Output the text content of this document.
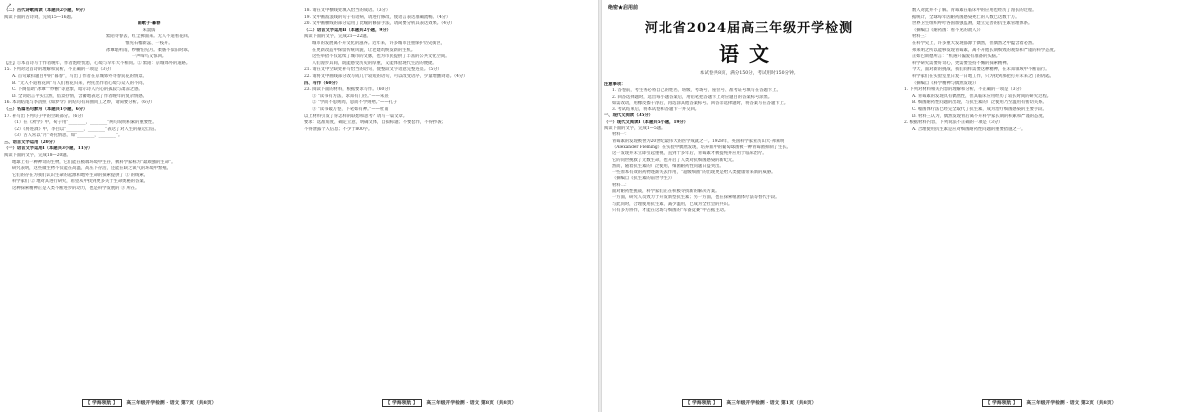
↗
（二）古代诗歌阅读（本题共2小题，9分）
阅读下面的古诗词，完成15—16题。
南歌子·暮春
朱敦儒
紫陌寻春去，红尘拂面来。无人不道看花回。
惟见石榴新蕊、一枝开。
冰簟堪听雨，纱橱怕见月。柔肠不似旧时乖。
一声啼鸟又惊回。
【注】①本首诗写于作者晚年，作者饱经忧患，心境与早年大不相同。② 紫陌：京城郊外的道路。
15. 下列对这首诗的理解和赏析，不正确的一项是（3分）
A. 首句紧扣题目中的“暮春”，写出了作者在京城郊外寻春赏花的情景。
B. “无人不道看花回”写人们看花归来，衬托出作者心境与众人的不同。
C. 下阕借助“冰簟”“纱橱”等意象，暗示诗人内心的孤寂与凄凉之感。
D. 全词语言平实自然，借景抒情，含蓄地表达了作者晚年的复杂情感。
16. 本词结尾与李清照《如梦令》的结句有异曲同工之妙，请简要分析。（6分）
（三）名篇名句默写（本题共1小题，6分）
17. 补写出下列句子中的空缺部分。（6分）
（1）在《劝学》中，荀子用“________，________”两句说明积累的重要性。
（2）《将进酒》中，李白以“________，________”表达了对人生的豪迈自信。
（3）古人常以“月”寄托情思，如“________，________”。
三、语言文字运用（20分）
（一）语言文字运用Ⅰ（本题共3小题，11分）
阅读下面的文字，完成18—20题。
地球上有一种神奇的生物，它们能在极端环境中生存，被科学家称为“最顽强的生命”。
研究表明，这些微生物不仅能在高温、高压下存活，还能在缺乏氧气的环境中繁殖。
它们的存在为我们认识生命的起源和地外生命的探索提供了 ① 的线索。
科学家们 ② 地对其进行研究，希望从中找到更多关于生命奥秘的答案。
这种探索精神正是人类不断进步的动力，也是科学发展的 ③ 所在。
【 学海领航 】 高三年级开学检测 · 语文 第7页（共8页）
18. 请在文中横线处填入恰当的成语。（3分）
19. 文中画波浪线的句子有语病，请进行修改，使语言表达准确流畅。（4分）
20. 文中画横线的部分运用了比喻的修辞手法，请简要分析其表达效果。（4分）
（二）语言文字运用Ⅱ（本题共2小题，9分）
阅读下面的文字，完成21—22题。
城市的发展离不开文化的滋养。近年来，许多城市注重保护历史街区，
在更新改造中保留传统风貌，让老建筑焕发新的生机。
这些举措不仅延续了城市的文脉，也为市民提供了丰富的公共文化空间。
人们漫步其间，既能感受历史的厚重，又能体验现代生活的便捷。
21. 请在文中空缺处补写恰当的语句，使整段文字语意完整连贯。（5分）
22. 请将文中画线部分改写成几个较短的语句，可以改变语序，少量增删词语。（4分）
四、写作（60分）
23. 阅读下面的材料，根据要求写作。（60分）
① “读书有方法，求知有门径。”——朱熹
② “学而不思则罔，思而不学则殆。”——孔子
③ “读书破万卷，下笔如有神。”——杜甫
以上材料引发了你怎样的联想和思考？请写一篇文章。
要求：选准角度，确定立意，明确文体，自拟标题；不要套作，不得抄袭；
不得泄露个人信息；不少于800字。
【 学海领航 】 高三年级开学检测 · 语文 第8页（共8页）
绝密★启用前
河北省2024届高三年级开学检测
语文
本试卷共8页，满分150分，考试用时150分钟。
注意事项：
1. 答卷前，考生务必将自己的姓名、班级、考场号、座位号、准考证号填写在答题卡上。
2. 回答选择题时，选出每小题答案后，用铅笔把答题卡上对应题目的答案标号涂黑。
如需改动，用橡皮擦干净后，再选涂其他答案标号。回答非选择题时，将答案写在答题卡上。
3. 考试结束后，将本试卷和答题卡一并交回。
一、现代文阅读（35分）
（一）现代文阅读Ⅰ（本题共5小题，19分）
阅读下面的文字，完成1—5题。
材料一：
青霉素的发现被誉为20世纪最伟大的医学成就之一。1928年，英国科学家亚历山大·弗莱明
（Alexander Fleming）在实验中偶然发现，培养皿中的葡萄球菌被一种青霉菌抑制了生长。
这一发现并未立即引起重视，直到十多年后，青霉素才被提纯并应用于临床治疗。
它的问世挽救了无数生命，也开启了人类对抗细菌感染的新纪元。
然而，随着抗生素的广泛使用，细菌耐药性问题日益突出。
一些原本有效的药物逐渐失去作用，“超级细菌”的出现更是给人类健康带来新的威胁。
（摘编自《抗生素的前世今生》）
材料二：
面对耐药性挑战，科学家们正在积极寻找新的解决方案。
一方面，研究人员致力于开发新型抗生素；另一方面，也在探索噬菌体疗法等替代手段。
与此同时，合理使用抗生素、减少滥用，已成为全社会的共识。
只有多方协作，才能在这场与细菌的“军备竞赛”中占据主动。
【 学海领航 】 高三年级开学检测 · 语文 第1页（共8页）
数人对此并不了解。青霉素在临床中的应用也经历了漫长的过程。
据统计，全球每年因耐药菌感染死亡的人数已达数十万。
世界卫生组织呼吁各国加强监测，建立完善的抗生素管理体系。
（摘编自《耐药菌：看不见的敌人》）
材料三：
在科学史上，许多重大发现都源于偶然，但偶然之中蕴含着必然。
弗莱明之所以能够发现青霉素，离不开他长期细致的观察和严谨的科学态度。
正如巴斯德所言：“机遇只偏爱有准备的头脑。”
科学研究需要好奇心，更需要坚持不懈的探索精神。
今天，面对新的挑战，我们同样需要这种精神，在未知领域中不断前行。
科学家们在实验室里日复一日地工作，只为找到那把打开未来之门的钥匙。
（摘编自《科学精神与偶然发现》）
1. 下列对材料相关内容的理解和分析，不正确的一项是（3分）
A. 青霉素的发现具有偶然性，但其临床应用经历了较长时间的研究过程。
B. 细菌耐药性问题的出现，与抗生素的广泛使用乃至滥用有密切关系。
C. 噬菌体疗法已经完全取代了抗生素，成为治疗细菌感染的主要手段。
D. 材料三认为，偶然发现背后离不开科学家长期的积累和严谨的态度。
2. 根据材料内容，下列说法不正确的一项是（3分）
A. 合理使用抗生素是应对细菌耐药性问题的重要措施之一。
【 学海领航 】 高三年级开学检测 · 语文 第2页（共8页）
